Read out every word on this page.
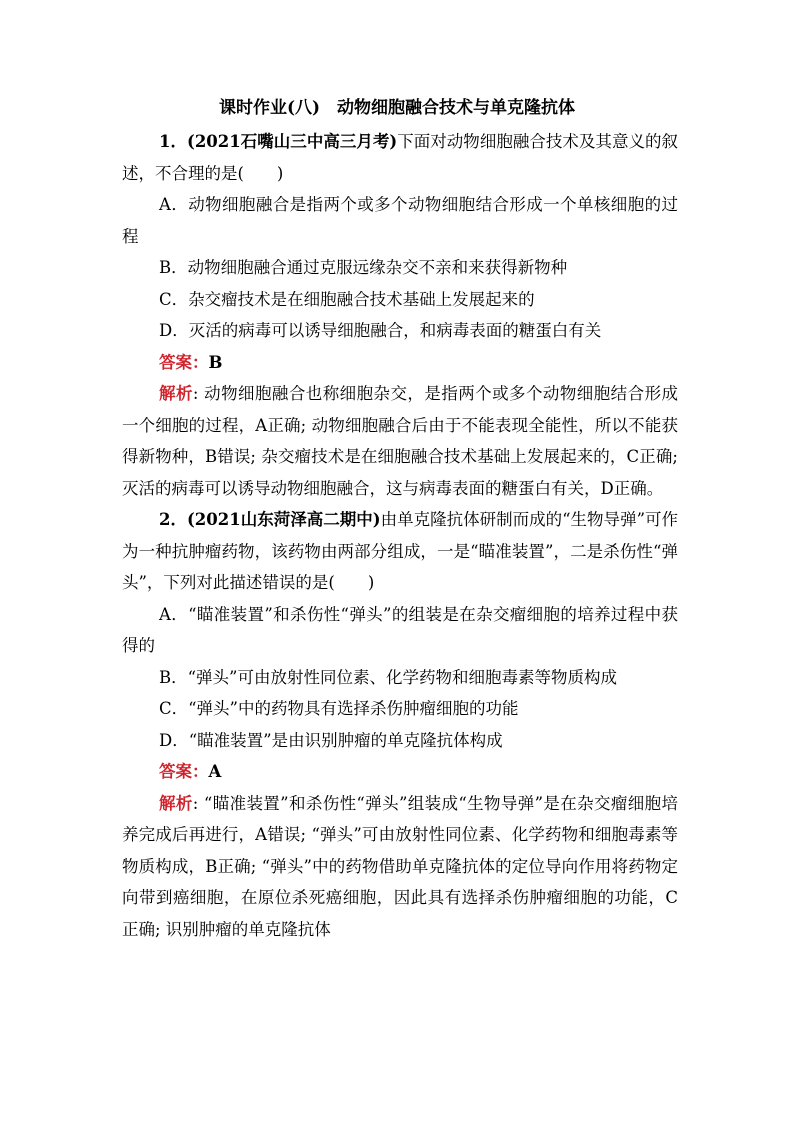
课时作业(八)　动物细胞融合技术与单克隆抗体

1．(2021石嘴山三中高三月考)下面对动物细胞融合技术及其意义的叙述，不合理的是(　　)

A．动物细胞融合是指两个或多个动物细胞结合形成一个单核细胞的过程

B．动物细胞融合通过克服远缘杂交不亲和来获得新物种

C．杂交瘤技术是在细胞融合技术基础上发展起来的

D．灭活的病毒可以诱导细胞融合，和病毒表面的糖蛋白有关

答案：B

解析: 动物细胞融合也称细胞杂交，是指两个或多个动物细胞结合形成一个细胞的过程，A正确; 动物细胞融合后由于不能表现全能性，所以不能获得新物种，B错误; 杂交瘤技术是在细胞融合技术基础上发展起来的，C正确; 灭活的病毒可以诱导动物细胞融合，这与病毒表面的糖蛋白有关，D正确。

2．(2021山东菏泽高二期中)由单克隆抗体研制而成的“生物导弹”可作为一种抗肿瘤药物，该药物由两部分组成，一是“瞄准装置”，二是杀伤性“弹头”，下列对此描述错误的是(　　)

A．“瞄准装置”和杀伤性“弹头”的组装是在杂交瘤细胞的培养过程中获得的

B．“弹头”可由放射性同位素、化学药物和细胞毒素等物质构成

C．“弹头”中的药物具有选择杀伤肿瘤细胞的功能

D．“瞄准装置”是由识别肿瘤的单克隆抗体构成

答案：A

解析: “瞄准装置”和杀伤性“弹头”组装成“生物导弹”是在杂交瘤细胞培养完成后再进行，A错误; “弹头”可由放射性同位素、化学药物和细胞毒素等物质构成，B正确; “弹头”中的药物借助单克隆抗体的定位导向作用将药物定向带到癌细胞，在原位杀死癌细胞，因此具有选择杀伤肿瘤细胞的功能，C正确; 识别肿瘤的单克隆抗体
